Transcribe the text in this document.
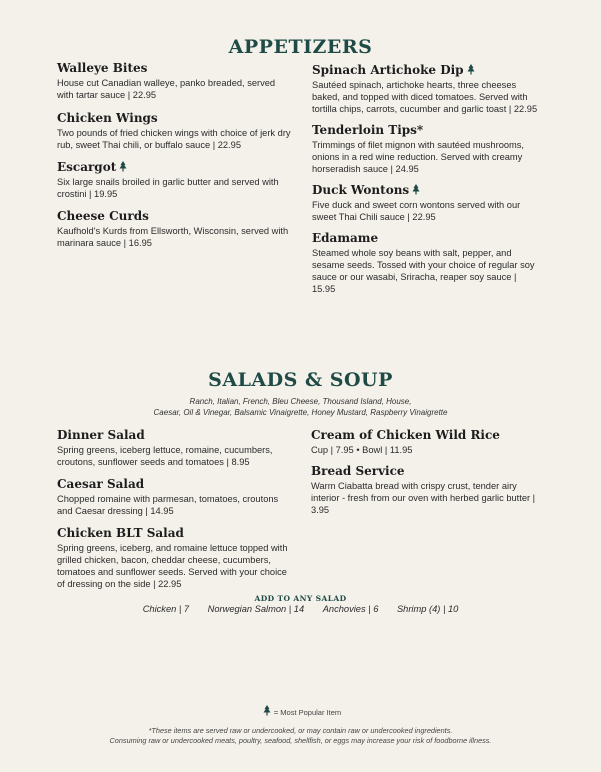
APPETIZERS

Walleye Bites

House cut Canadian walleye, panko breaded, served with tartar sauce | 22.95

Chicken Wings

Two pounds of fried chicken wings with choice of jerk dry rub, sweet Thai chili, or buffalo sauce | 22.95

Escargot

Six large snails broiled in garlic butter and served with crostini | 19.95

Cheese Curds

Kaufhold's Kurds from Ellsworth, Wisconsin, served with marinara sauce | 16.95

Spinach Artichoke Dip

Sautéed spinach, artichoke hearts, three cheeses baked, and topped with diced tomatoes. Served with tortilla chips, carrots, cucumber and garlic toast | 22.95

Tenderloin Tips*

Trimmings of filet mignon with sautéed mushrooms, onions in a red wine reduction. Served with creamy horseradish sauce | 24.95

Duck Wontons

Five duck and sweet corn wontons served with our sweet Thai Chili sauce | 22.95

Edamame

Steamed whole soy beans with salt, pepper, and sesame seeds. Tossed with your choice of regular soy sauce or our wasabi, Sriracha, reaper soy sauce | 15.95

SALADS & SOUP
Ranch, Italian, French, Bleu Cheese, Thousand Island, House,
Caesar, Oil & Vinegar, Balsamic Vinaigrette, Honey Mustard, Raspberry Vinaigrette

Dinner Salad

Spring greens, iceberg lettuce, romaine, cucumbers, croutons, sunflower seeds and tomatoes | 8.95

Caesar Salad

Chopped romaine with parmesan, tomatoes, croutons and Caesar dressing | 14.95

Chicken BLT Salad

Spring greens, iceberg, and romaine lettuce topped with grilled chicken, bacon, cheddar cheese, cucumbers, tomatoes and sunflower seeds. Served with your choice of dressing on the side | 22.95

Cream of Chicken Wild Rice

Cup | 7.95 • Bowl | 11.95

Bread Service

Warm Ciabatta bread with crispy crust, tender airy interior - fresh from our oven with herbed garlic butter | 3.95

ADD TO ANY SALAD
Chicken | 7 Norwegian Salmon | 14 Anchovies | 6 Shrimp (4) | 10
= Most Popular Item
*These items are served raw or undercooked, or may contain raw or undercooked ingredients.
Consuming raw or undercooked meats, poultry, seafood, shellfish, or eggs may increase your risk of foodborne illness.
